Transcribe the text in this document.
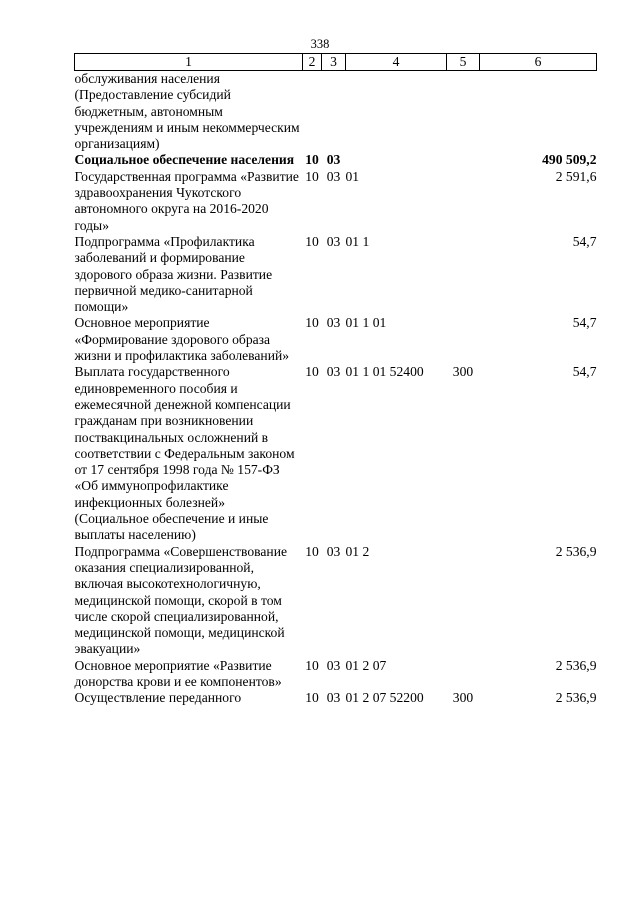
338
1	2	3	4	5	6
обслуживания населения (Предоставление субсидий бюджетным, автономным учреждениям и иным некоммерческим организациям)					
Социальное обеспечение населения	10	03			490 509,2
Государственная программа «Развитие здравоохранения Чукотского автономного округа на 2016-2020 годы»	10	03	01		2 591,6
Подпрограмма «Профилактика заболеваний и формирование здорового образа жизни. Развитие первичной медико-санитарной помощи»	10	03	01 1		54,7
Основное мероприятие «Формирование здорового образа жизни и профилактика заболеваний»	10	03	01 1 01		54,7
Выплата государственного единовременного пособия и ежемесячной денежной компенсации гражданам при возникновении поствакцинальных осложнений в соответствии с Федеральным законом от 17 сентября 1998 года № 157-ФЗ «Об иммунопрофилактике инфекционных болезней» (Социальное обеспечение и иные выплаты населению)	10	03	01 1 01 52400	300	54,7
Подпрограмма «Совершенствование оказания специализированной, включая высокотехнологичную, медицинской помощи, скорой в том числе скорой специализированной, медицинской помощи, медицинской эвакуации»	10	03	01 2		2 536,9
Основное мероприятие «Развитие донорства крови и ее компонентов»	10	03	01 2 07		2 536,9
Осуществление переданного	10	03	01 2 07 52200	300	2 536,9
